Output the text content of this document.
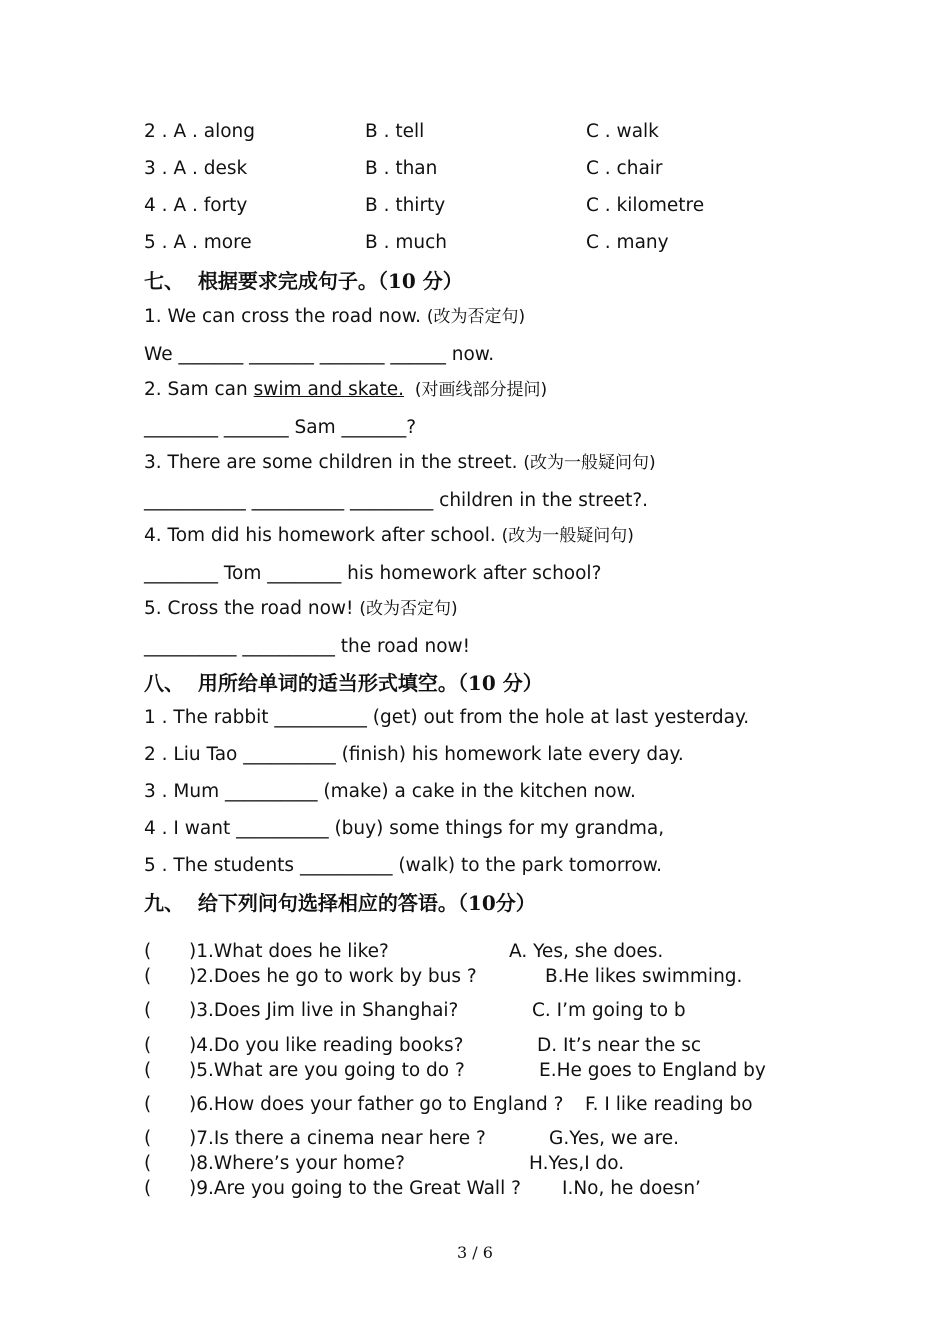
2 . A . along	B . tell	C . walk
3 . A . desk	B . than	C . chair
4 . A . forty	B . thirty	C . kilometre
5 . A . more	B . much	C . many
七、  根据要求完成句子。（10 分）
1. We can cross the road now. (改为否定句)
We _______ _______ _______ ______ now.
2. Sam can swim and skate.  (对画线部分提问)
________ _______ Sam _______?
3. There are some children in the street. (改为一般疑问句)
___________ __________ _________ children in the street?.
4. Tom did his homework after school. (改为一般疑问句)
________ Tom ________ his homework after school?
5. Cross the road now! (改为否定句)
__________ __________ the road now!
八、  用所给单词的适当形式填空。（10 分）
1 . The rabbit __________ (get) out from the hole at last yesterday.
2 . Liu Tao __________ (finish) his homework late every day.
3 . Mum __________ (make) a cake in the kitchen now.
4 . I want __________ (buy) some things for my grandma,
5 . The students __________ (walk) to the park tomorrow.
九、  给下列问句选择相应的答语。（10分）
( )1.What does he like?	A. Yes, she does.
( )2.Does he go to work by bus ?	B.He likes swimming.
( )3.Does Jim live in Shanghai?	C. I’m going to b
( )4.Do you like reading books?	D. It’s near the sc
( )5.What are you going to do ?	E.He goes to England by
( )6.How does your father go to England ? F. I like reading bo
( )7.Is there a cinema near here ?	G.Yes, we are.
( )8.Where’s your home?	H.Yes,I do.
( )9.Are you going to the Great Wall ? I.No, he doesn’
3 / 6
